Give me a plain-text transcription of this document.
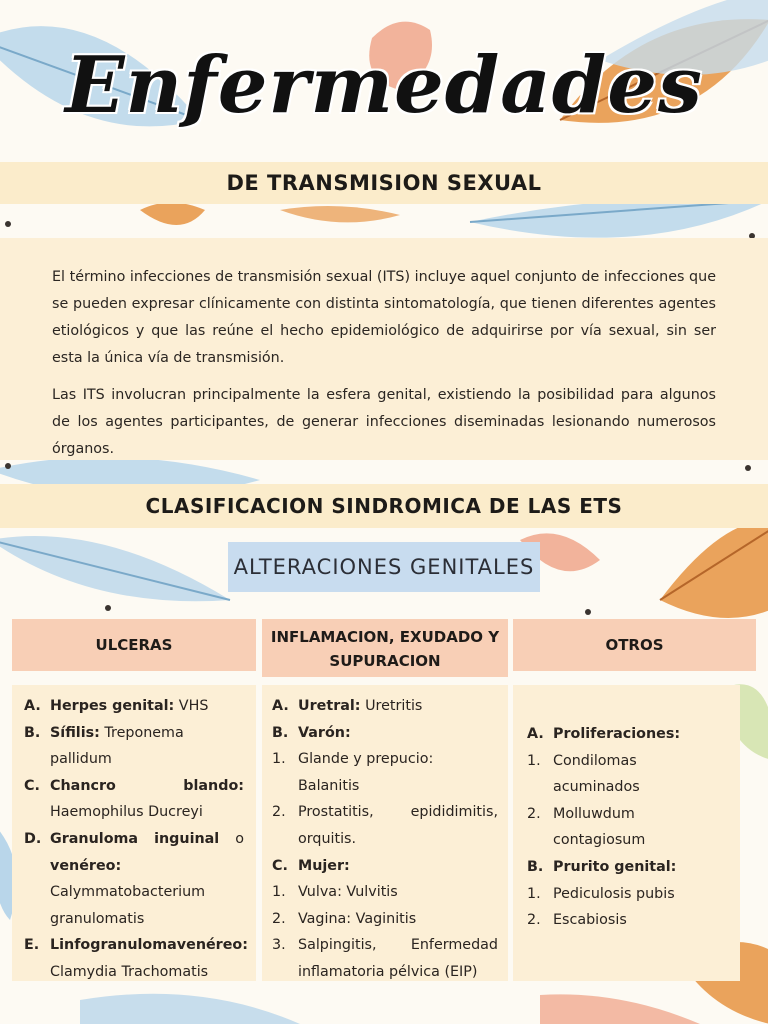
Enfermedades
DE TRANSMISION SEXUAL

El término infecciones de transmisión sexual (ITS) incluye aquel conjunto de infecciones que se pueden expresar clínicamente con distinta sintomatología, que tienen diferentes agentes etiológicos y que las reúne el hecho epidemiológico de adquirirse por vía sexual, sin ser esta la única vía de transmisión.

Las ITS involucran principalmente la esfera genital, existiendo la posibilidad para algunos de los agentes participantes, de generar infecciones diseminadas lesionando numerosos órganos.

CLASIFICACION SINDROMICA DE LAS ETS
ALTERACIONES GENITALES
ULCERAS	INFLAMACION, EXUDADO Y
SUPURACION
OTROS
A. Herpes genital: VHS
B. Sífilis: Treponema pallidum
C. Chancro	blando:
Haemophilus Ducreyi
D. Granuloma inguinal o
venéreo:
Calymmatobacterium
granulomatis
E. Linfogranuloma venéreo:
Clamydia Trachomatis
A. Uretral: Uretritis
B. Varón:
1. Glande y prepucio: Balanitis
2. Prostatitis,	epididimitis,
orquitis.
C. Mujer:
1. Vulva: Vulvitis
2. Vagina: Vaginitis
3. Salpingitis, Enfermedad
inflamatoria pélvica (EIP)
A. Proliferaciones:
1. Condilomas
acuminados
2. Molluwdum
contagiosum
B. Prurito genital:
1. Pediculosis pubis
2. Escabiosis
